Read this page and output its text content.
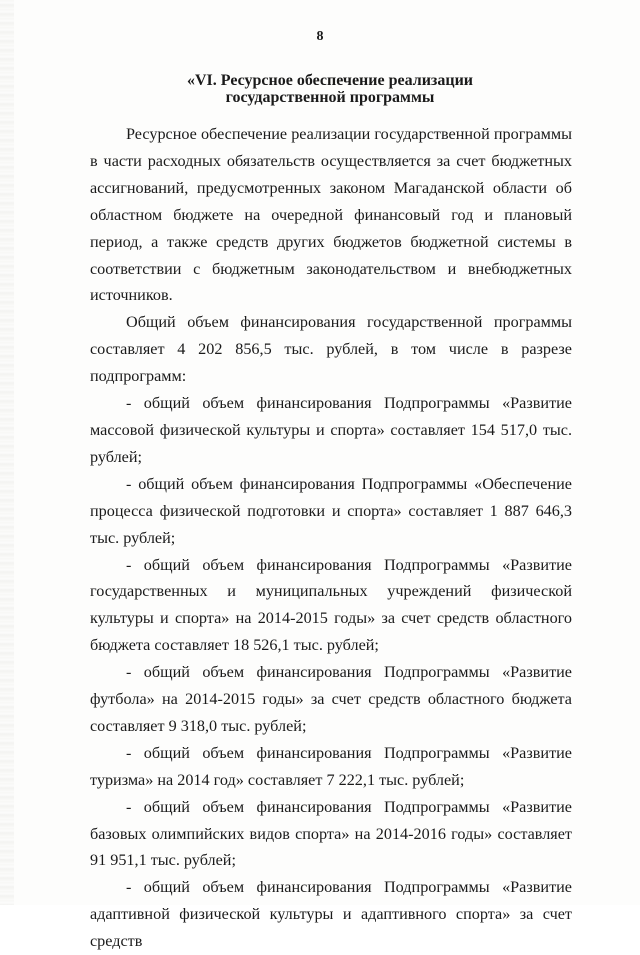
8
«VI. Ресурсное обеспечение реализации
государственной программы

Ресурсное обеспечение реализации государственной программы в части расходных обязательств осуществляется за счет бюджетных ассигнований, предусмотренных законом Магаданской области об областном бюджете на очередной финансовый год и плановый период, а также средств других бюджетов бюджетной системы в соответствии с бюджетным законодательством и внебюджетных источников.

Общий объем финансирования государственной программы составляет 4 202 856,5 тыс. рублей, в том числе в разрезе подпрограмм:

- общий объем финансирования Подпрограммы «Развитие массовой физической культуры и спорта» составляет 154 517,0 тыс. рублей;

- общий объем финансирования Подпрограммы «Обеспечение процесса физической подготовки и спорта» составляет 1 887 646,3 тыс. рублей;

- общий объем финансирования Подпрограммы «Развитие государственных и муниципальных учреждений физической культуры и спорта» на 2014-2015 годы» за счет средств областного бюджета составляет 18 526,1 тыс. рублей;

- общий объем финансирования Подпрограммы «Развитие футбола» на 2014-2015 годы» за счет средств областного бюджета составляет 9 318,0 тыс. рублей;

- общий объем финансирования Подпрограммы «Развитие туризма» на 2014 год» составляет 7 222,1 тыс. рублей;

- общий объем финансирования Подпрограммы «Развитие базовых олимпийских видов спорта» на 2014-2016 годы» составляет 91 951,1 тыс. рублей;

- общий объем финансирования Подпрограммы «Развитие адаптивной физической культуры и адаптивного спорта» за счет средств
